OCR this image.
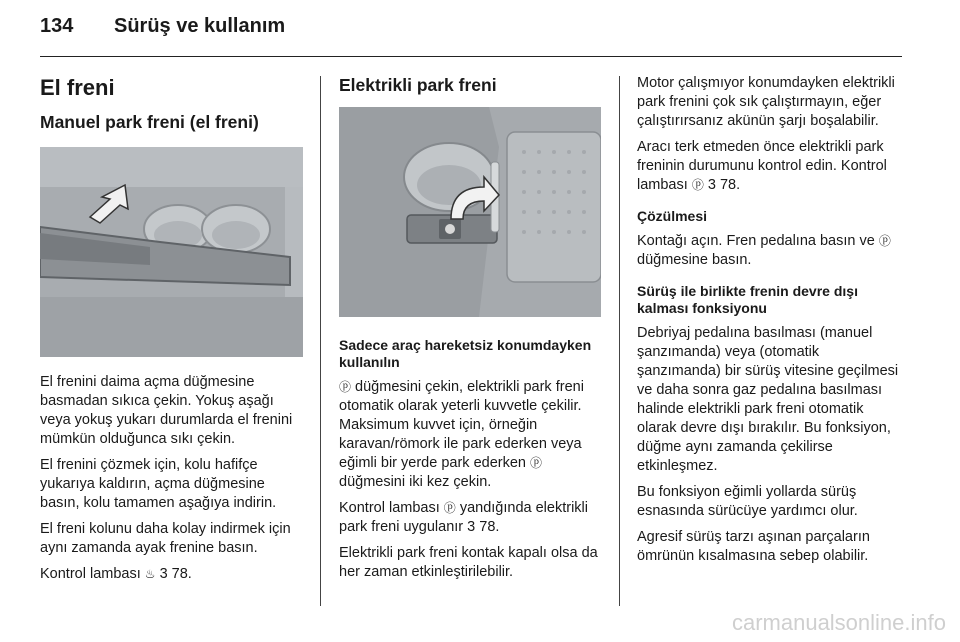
134 Sürüş ve kullanım
El freni
Manuel park freni (el freni)

El frenini daima açma düğmesine basmadan sıkıca çekin. Yokuş aşağı veya yokuş yukarı durumlarda el frenini mümkün olduğunca sıkı çekin.

El frenini çözmek için, kolu hafifçe yukarıya kaldırın, açma düğmesine basın, kolu tamamen aşağıya indirin.

El freni kolunu daha kolay indirmek için aynı zamanda ayak frenine basın.

Kontrol lambası ♨ 3 78.

Elektrikli park freni

Sadece araç hareketsiz konumdayken kullanılın

ⓟ düğmesini çekin, elektrikli park freni otomatik olarak yeterli kuvvetle çekilir. Maksimum kuvvet için, örneğin karavan/römork ile park ederken veya eğimli bir yerde park ederken ⓟ düğmesini iki kez çekin.

Kontrol lambası ⓟ yandığında elektrikli park freni uygulanır 3 78.

Elektrikli park freni kontak kapalı olsa da her zaman etkinleştirilebilir.

Motor çalışmıyor konumdayken elektrikli park frenini çok sık çalıştırmayın, eğer çalıştırırsanız akünün şarjı boşalabilir.

Aracı terk etmeden önce elektrikli park freninin durumunu kontrol edin. Kontrol lambası ⓟ 3 78.

Çözülmesi

Kontağı açın. Fren pedalına basın ve ⓟ düğmesine basın.

Sürüş ile birlikte frenin devre dışı kalması fonksiyonu

Debriyaj pedalına basılması (manuel şanzımanda) veya (otomatik şanzımanda) bir sürüş vitesine geçilmesi ve daha sonra gaz pedalına basılması halinde elektrikli park freni otomatik olarak devre dışı bırakılır. Bu fonksiyon, düğme aynı zamanda çekilirse etkinleşmez.

Bu fonksiyon eğimli yollarda sürüş esnasında sürücüye yardımcı olur.

Agresif sürüş tarzı aşınan parçaların ömrünün kısalmasına sebep olabilir.

carmanualsonline.info
